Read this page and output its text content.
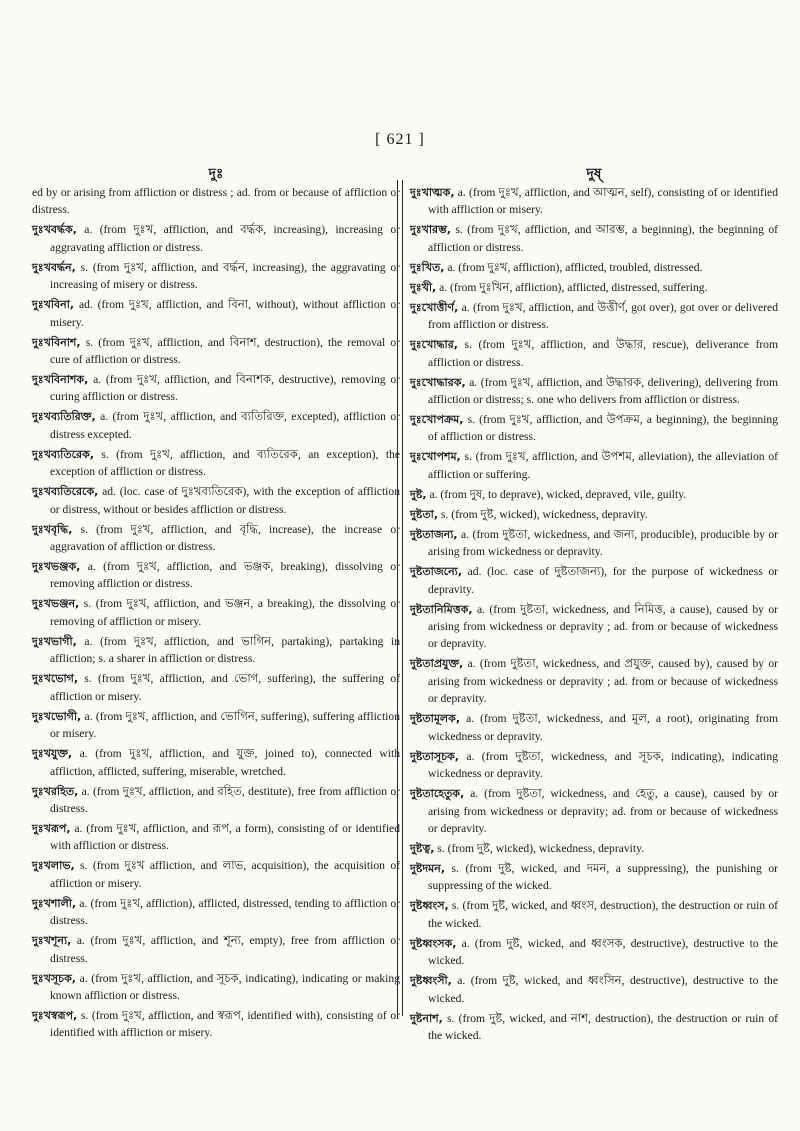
[ 621 ]
দুঃ
ed by or arising from affliction or distress ; ad. from or because of affliction or distress.
দুঃখবর্দ্ধক, a. (from দুঃখ, affliction, and বর্দ্ধক, increasing), increasing or aggravating affliction or distress.
দুঃখবর্দ্ধন, s. (from দুঃখ, affliction, and বর্দ্ধন, increasing), the aggravating or increasing of misery or distress.
দুঃখবিনা, ad. (from দুঃখ, affliction, and বিনা, without), without affliction or misery.
দুঃখবিনাশ, s. (from দুঃখ, affliction, and বিনাশ, destruction), the removal or cure of affliction or distress.
দুঃখবিনাশক, a. (from দুঃখ, affliction, and বিনাশক, destructive), removing or curing affliction or distress.
দুঃখব্যতিরিক্ত, a. (from দুঃখ, affliction, and ব্যতিরিক্ত, excepted), affliction or distress excepted.
দুঃখব্যতিরেক, s. (from দুঃখ, affliction, and ব্যতিরেক, an exception), the exception of affliction or distress.
দুঃখব্যতিরেকে, ad. (loc. case of দুঃখব্যতিরেক), with the exception of affliction or distress, without or besides affliction or distress.
দুঃখবৃদ্ধি, s. (from দুঃখ, affliction, and বৃদ্ধি, increase), the increase or aggravation of affliction or distress.
দুঃখভঞ্জক, a. (from দুঃখ, affliction, and ভঞ্জক, breaking), dissolving or removing affliction or distress.
দুঃখভঞ্জন, s. (from দুঃখ, affliction, and ভঞ্জন, a breaking), the dissolving or removing of affliction or misery.
দুঃখভাগী, a. (from দুঃখ, affliction, and ভাগিন, partaking), partaking in affliction; s. a sharer in affliction or distress.
দুঃখভোগ, s. (from দুঃখ, affliction, and ভোগ, suffering), the suffering of affliction or misery.
দুঃখভোগী, a. (from দুঃখ, affliction, and ভোগিন, suffering), suffering affliction or misery.
দুঃখযুক্ত, a. (from দুঃখ, affliction, and যুক্ত, joined to), connected with affliction, afflicted, suffering, miserable, wretched.
দুঃখরহিত, a. (from দুঃখ, affliction, and রহিত, destitute), free from affliction or distress.
দুঃখরূপ, a. (from দুঃখ, affliction, and রূপ, a form), consisting of or identified with affliction or distress.
দুঃখলাভ, s. (from দুঃখ affliction, and লাভ, acquisition), the acquisition of affliction or misery.
দুঃখশালী, a. (from দুঃখ, affliction), afflicted, distressed, tending to affliction or distress.
দুঃখশূন্য, a. (from দুঃখ, affliction, and শূন্য, empty), free from affliction or distress.
দুঃখসূচক, a. (from দুঃখ, affliction, and সূচক, indicating), indicating or making known affliction or distress.
দুঃখস্বরূপ, s. (from দুঃখ, affliction, and স্বরূপ, identified with), consisting of or identified with affliction or misery.
দুষ্
দুঃখাত্মক, a. (from দুঃখ, affliction, and আত্মন, self), consisting of or identified with affliction or misery.
দুঃখারম্ভ, s. (from দুঃখ, affliction, and আরম্ভ, a beginning), the beginning of affliction or distress.
দুঃখিত, a. (from দুঃখ, affliction), afflicted, troubled, distressed.
দুঃখী, a. (from দুঃখিন, affliction), afflicted, distressed, suffering.
দুঃখোত্তীর্ণ, a. (from দুঃখ, affliction, and উত্তীর্ণ, got over), got over or delivered from affliction or distress.
দুঃখোদ্ধার, s. (from দুঃখ, affliction, and উদ্ধার, rescue), deliverance from affliction or distress.
দুঃখোদ্ধারক, a. (from দুঃখ, affliction, and উদ্ধারক, delivering), delivering from affliction or distress; s. one who delivers from affliction or distress.
দুঃখোপক্রম, s. (from দুঃখ, affliction, and উপক্রম, a beginning), the beginning of affliction or distress.
দুঃখোপশম, s. (from দুঃখ, affliction, and উপশম, alleviation), the alleviation of affliction or suffering.
দুষ্ট, a. (from দুষ, to deprave), wicked, depraved, vile, guilty.
দুষ্টতা, s. (from দুষ্ট, wicked), wickedness, depravity.
দুষ্টতাজন্য, a. (from দুষ্টতা, wickedness, and জন্য, producible), producible by or arising from wickedness or depravity.
দুষ্টতাজন্যে, ad. (loc. case of দুষ্টতাজন্য), for the purpose of wickedness or depravity.
দুষ্টতানিমিত্তক, a. (from দুষ্টতা, wickedness, and নিমিত্ত, a cause), caused by or arising from wickedness or depravity ; ad. from or because of wickedness or depravity.
দুষ্টতাপ্রযুক্ত, a. (from দুষ্টতা, wickedness, and প্রযুক্ত, caused by), caused by or arising from wickedness or depravity ; ad. from or because of wickedness or depravity.
দুষ্টতামূলক, a. (from দুষ্টতা, wickedness, and মূল, a root), originating from wickedness or depravity.
দুষ্টতাসূচক, a. (from দুষ্টতা, wickedness, and সূচক, indicating), indicating wickedness or depravity.
দুষ্টতাহেতুক, a. (from দুষ্টতা, wickedness, and হেতু, a cause), caused by or arising from wickedness or depravity; ad. from or because of wickedness or depravity.
দুষ্টত্ব, s. (from দুষ্ট, wicked), wickedness, depravity.
দুষ্টদমন, s. (from দুষ্ট, wicked, and দমন, a suppressing), the punishing or suppressing of the wicked.
দুষ্টধ্বংস, s. (from দুষ্ট, wicked, and ধ্বংস, destruction), the destruction or ruin of the wicked.
দুষ্টধ্বংসক, a. (from দুষ্ট, wicked, and ধ্বংসক, destructive), destructive to the wicked.
দুষ্টধ্বংসী, a. (from দুষ্ট, wicked, and ধ্বংসিন, destructive), destructive to the wicked.
দুষ্টনাশ, s. (from দুষ্ট, wicked, and নাশ, destruction), the destruction or ruin of the wicked.
